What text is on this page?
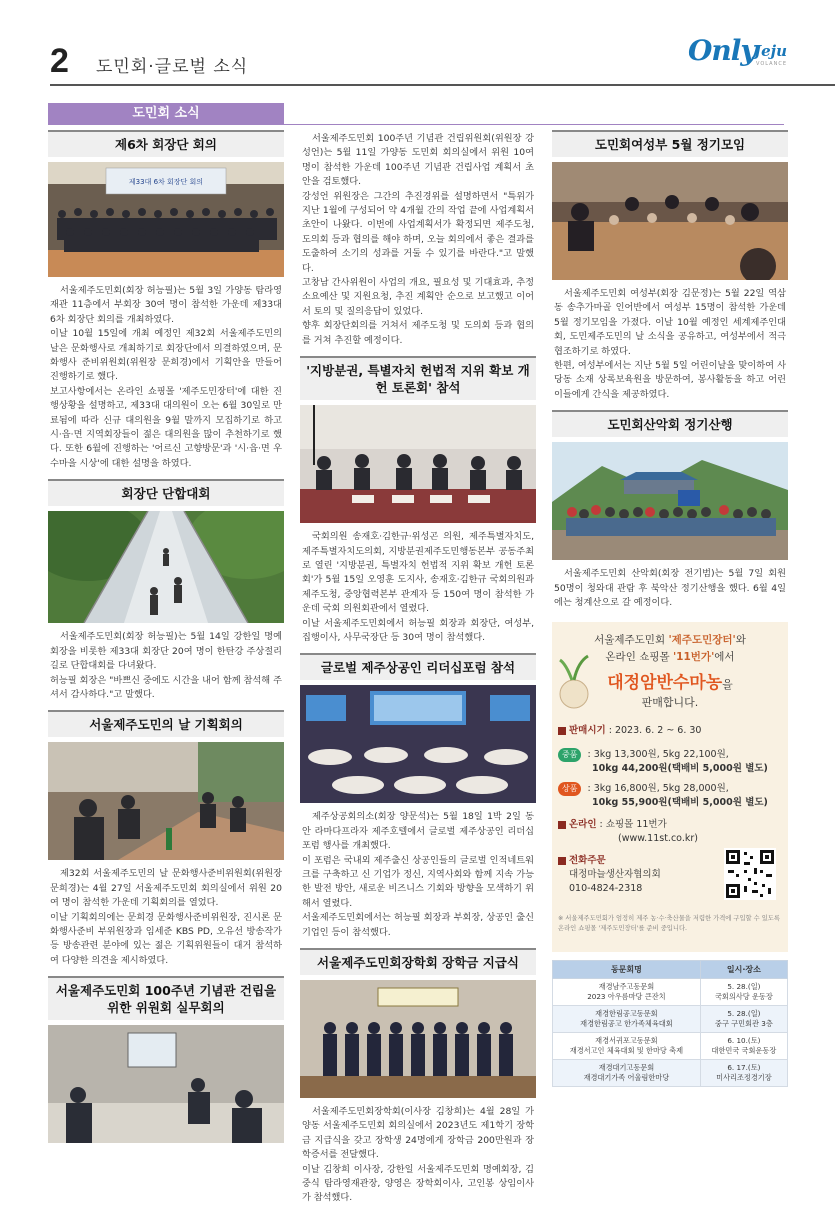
2 도민회·글로벌 소식	Only
Jeju
VOLANCE
도민회 소식
제6차 회장단 회의
제33대 6차 회장단 회의
서울제주도민회(회장 허능필)는 5월 3일 가양동 탐라영재관 11층에서 부회장 30여 명이 참석한 가운데 제33대 6차 회장단 회의를 개최하였다.
이날 10월 15일에 개최 예정인 제32회 서울제주도민의 날은 문화행사로 개최하기로 회장단에서 의결하였으며, 문화행사 준비위원회(위원장 문희경)에서 기획안을 만들어 진행하기로 했다.
보고사항에서는 온라인 쇼핑몰 '제주도민장터'에 대한 진행상황을 설명하고, 제33대 대의원이 오는 6월 30일로 만료됨에 따라 신규 대의원을 9월 말까지 모집하기로 하고 시·읍·면 지역회장들이 젊은 대의원을 많이 추천하기로 했다. 또한 6월에 진행하는 '어르신 고향방문'과 '시·읍·면 우수마을 시상'에 대한 설명을 하였다.
회장단 단합대회
서울제주도민회(회장 허능필)는 5월 14일 강한일 명예회장을 비롯한 제33대 회장단 20여 명이 한탄강 주상절리길로 단합대회를 다녀왔다.
허능필 회장은 "바쁘신 중에도 시간을 내어 함께 참석해 주셔서 감사하다."고 말했다.
서울제주도민의 날 기획회의
제32회 서울제주도민의 날 문화행사준비위원회(위원장 문희경)는 4월 27일 서울제주도민회 회의실에서 위원 20여 명이 참석한 가운데 기획회의를 열었다.
이날 기획회의에는 문희경 문화행사준비위원장, 진시론 문화행사준비 부위원장과 임세준 KBS PD, 오유선 방송작가 등 방송관련 분야에 있는 젊은 기획위원들이 대거 참석하여 다양한 의견을 제시하였다.
서울제주도민회 100주년 기념관 건립을 위한 위원회 실무회의
서울제주도민회 100주년 기념관 건립위원회(위원장 강성언)는 5월 11일 가양동 도민회 회의실에서 위원 10여 명이 참석한 가운데 100주년 기념관 건립사업 계획서 초안을 검토했다.
강성언 위원장은 그간의 추진경위를 설명하면서 "특위가 지난 1월에 구성되어 약 4개월 간의 작업 끝에 사업계획서 초안이 나왔다. 이번에 사업계획서가 확정되면 제주도청, 도의회 등과 협의를 해야 하며, 오늘 회의에서 좋은 결과를 도출하여 소기의 성과를 거둘 수 있기를 바란다."고 말했다.
고창남 간사위원이 사업의 개요, 필요성 및 기대효과, 추정 소요예산 및 지원요청, 추진 계획안 순으로 보고했고 이어서 토의 및 질의응답이 있었다.
향후 회장단회의를 거쳐서 제주도청 및 도의회 등과 협의를 거쳐 추진할 예정이다.
'지방분권, 특별자치 헌법적 지위 확보 개헌 토론회' 참석
국회의원 송재호·김한규·위성곤 의원, 제주특별자치도, 제주특별자치도의회, 지방분권제주도민행동본부 공동주최로 열린 '지방분권, 특별자치 헌법적 지위 확보 개헌 토론회'가 5월 15일 오영훈 도지사, 송재호·김한규 국회의원과 제주도청, 중앙협력본부 관계자 등 150여 명이 참석한 가운데 국회 의원회관에서 열렸다.
이날 서울제주도민회에서 허능필 회장과 회장단, 여성부, 집행이사, 사무국장단 등 30여 명이 참석했다.
글로벌 제주상공인 리더십포럼 참석
제주상공회의소(회장 양문석)는 5월 18일 1박 2일 동안 라마다프라자 제주호텔에서 글로벌 제주상공인 리더십포럼 행사를 개최했다.
이 포럼은 국내외 제주출신 상공인들의 글로벌 인적네트워크를 구축하고 신 기업가 정신, 지역사회와 함께 지속 가능한 발전 방안, 새로운 비즈니스 기회와 방향을 모색하기 위해서 열렸다.
서울제주도민회에서는 허능필 회장과 부회장, 상공인 출신 기업인 등이 참석했다.
서울제주도민회장학회 장학금 지급식
서울제주도민회장학회(이사장 김창희)는 4월 28일 가양동 서울제주도민회 회의실에서 2023년도 제1학기 장학금 지급식을 갖고 장학생 24명에게 장학금 200만원과 장학증서를 전달했다.
이날 김창희 이사장, 강한일 서울제주도민회 명예회장, 김중식 탐라영재관장, 양영은 장학회이사, 고인봉 상임이사가 참석했다.
도민회여성부 5월 정기모임
서울제주도민회 여성부(회장 김문정)는 5월 22일 역삼동 송추가마골 인어반에서 여성부 15명이 참석한 가운데 5월 정기모임을 가졌다. 이날 10월 예정인 세계제주인대회, 도민제주도민의 날 소식을 공유하고, 여성부에서 적극 협조하기로 하였다.
한편, 여성부에서는 지난 5월 5일 어린이날을 맞이하여 사당동 소재 상록보육원을 방문하여, 봉사활동을 하고 어린이들에게 간식을 제공하였다.
도민회산악회 정기산행
서울제주도민회 산악회(회장 전기범)는 5월 7일 회원 50명이 청와대 관람 후 북악산 정기산행을 했다. 6월 4일에는 청계산으로 갈 예정이다.
서울제주도민회 '제주도민장터'와
온라인 쇼핑몰 '11번가'에서
대정암반수마농을
판매합니다.
판매시기 : 2023. 6. 2 ~ 6. 30
중품 : 3kg 13,300원, 5kg 22,100원,
10kg 44,200원(택배비 5,000원 별도)
상품 : 3kg 16,800원, 5kg 28,000원,
10kg 55,900원(택배비 5,000원 별도)
온라인 : 쇼핑몰 11번가
(www.11st.co.kr)
전화주문
대정마늘생산자협의회
010-4824-2318
※ 서울제주도민회가 엄정히 제주 농·수·축산물을 저렴한 가격에 구입할 수 있도록 온라인 쇼핑몰 '제주도민장터'를 준비 중입니다.
동문회명	일시·장소
재경남주고동문회
2023 아우름마당 큰잔치	5. 28.(일)
국회의사당 운동장
재경한림공고동문회
재경한림공고 한가족체육대회	5. 28.(일)
중구 구민회관 3층
재경서귀포고동문회
재경서고인 체육대회 및 한마당 축제	6. 10.(토)
대한민국 국회운동장
재경대기고동문회
재경대기가족 어울림한마당	6. 17.(토)
미사리조정경기장
